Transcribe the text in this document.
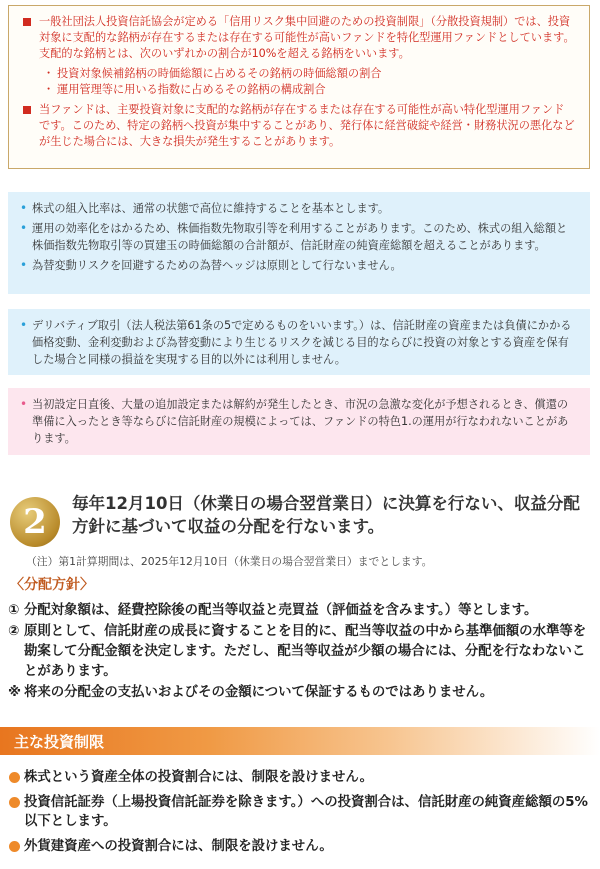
一般社団法人投資信託協会が定める「信用リスク集中回避のための投資制限」（分散投資規制）では、投資対象に支配的な銘柄が存在するまたは存在する可能性が高いファンドを特化型運用ファンドとしています。支配的な銘柄とは、次のいずれかの割合が10%を超える銘柄をいいます。
・ 投資対象候補銘柄の時価総額に占めるその銘柄の時価総額の割合
・ 運用管理等に用いる指数に占めるその銘柄の構成割合
当ファンドは、主要投資対象に支配的な銘柄が存在するまたは存在する可能性が高い特化型運用ファンドです。このため、特定の銘柄へ投資が集中することがあり、発行体に経営破綻や経営・財務状況の悪化などが生じた場合には、大きな損失が発生することがあります。
• 株式の組入比率は、通常の状態で高位に維持することを基本とします。
• 運用の効率化をはかるため、株価指数先物取引等を利用することがあります。このため、株式の組入総額と株価指数先物取引等の買建玉の時価総額の合計額が、信託財産の純資産総額を超えることがあります。
• 為替変動リスクを回避するための為替ヘッジは原則として行ないません。
• デリバティブ取引（法人税法第61条の5で定めるものをいいます。）は、信託財産の資産または負債にかかる価格変動、金利変動および為替変動により生じるリスクを減じる目的ならびに投資の対象とする資産を保有した場合と同様の損益を実現する目的以外には利用しません。
• 当初設定日直後、大量の追加設定または解約が発生したとき、市況の急激な変化が予想されるとき、償還の準備に入ったとき等ならびに信託財産の規模によっては、ファンドの特色1.の運用が行なわれないことがあります。
2	毎年12月10日（休業日の場合翌営業日）に決算を行ない、収益分配方針に基づいて収益の分配を行ないます。
（注）第1計算期間は、2025年12月10日（休業日の場合翌営業日）までとします。
〈分配方針〉
① 分配対象額は、経費控除後の配当等収益と売買益（評価益を含みます。）等とします。
② 原則として、信託財産の成長に資することを目的に、配当等収益の中から基準価額の水準等を勘案して分配金額を決定します。ただし、配当等収益が少額の場合には、分配を行なわないことがあります。
※ 将来の分配金の支払いおよびその金額について保証するものではありません。
主な投資制限
株式という資産全体の投資割合には、制限を設けません。
投資信託証券（上場投資信託証券を除きます。）への投資割合は、信託財産の純資産総額の5%以下とします。
外貨建資産への投資割合には、制限を設けません。
